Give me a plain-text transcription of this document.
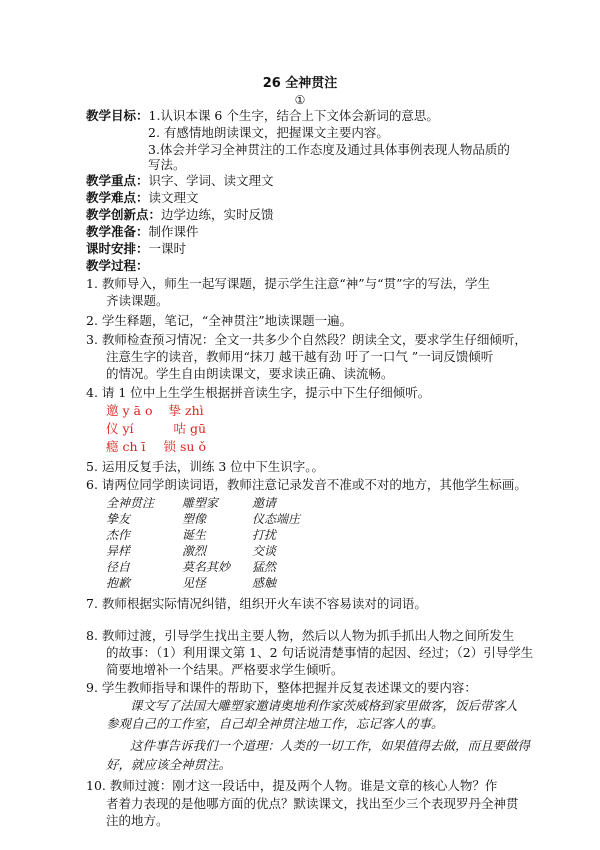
26 全神贯注
①
教学目标：1.认识本课 6 个生字，结合上下文体会新词的意思。
2. 有感情地朗读课文，把握课文主要内容。
3.体会并学习全神贯注的工作态度及通过具体事例表现人物品质的
写法。
教学重点：识字、学词、读文理文
教学难点：读文理文
教学创新点：边学边练，实时反馈
教学准备：制作课件
课时安排：一课时
教学过程：
1. 教师导入，师生一起写课题，提示学生注意“神”与“贯”字的写法，学生
齐读课题。
2. 学生释题，笔记，“全神贯注”地读课题一遍。
3. 教师检查预习情况：全文一共多少个自然段？朗读全文，要求学生仔细倾听，
注意生字的读音，教师用“抹刀 越干越有劲 吁了一口气 ”一词反馈倾听
的情况。学生自由朗读课文，要求读正确、读流畅。
4. 请 1 位中上生学生根据拼音读生字，提示中下生仔细倾听。
邀 y ā o 挚 zhì
仪 yí	咕 gū
瘾 ch ī 锁 su ǒ
5. 运用反复手法，训练 3 位中下生识字。。
6. 请两位同学朗读词语，教师注意记录发音不准或不对的地方，其他学生标画。
全神贯注
挚友
杰作
异样
径自
抱歉
雕塑家
塑像
诞生
激烈
莫名其妙
见怪
邀请
仪态端庄
打扰
交谈
猛然
感触
7. 教师根据实际情况纠错，组织开火车读不容易读对的词语。
8. 教师过渡，引导学生找出主要人物，然后以人物为抓手抓出人物之间所发生
的故事：（1）利用课文第 1、2 句话说清楚事情的起因、经过；（2）引导学生
简要地增补一个结果。严格要求学生倾听。
9. 学生教师指导和课件的帮助下，整体把握并反复表述课文的要内容：
课文写了法国大雕塑家邀请奥地利作家茨威格到家里做客，饭后带客人
参观自己的工作室，自己却全神贯注地工作，忘记客人的事。
这件事告诉我们一个道理：人类的一切工作，如果值得去做，而且要做得
好，就应该全神贯注。
10. 教师过渡：刚才这一段话中，提及两个人物。谁是文章的核心人物？作
者着力表现的是他哪方面的优点？默读课文，找出至少三个表现罗丹全神贯
注的地方。
